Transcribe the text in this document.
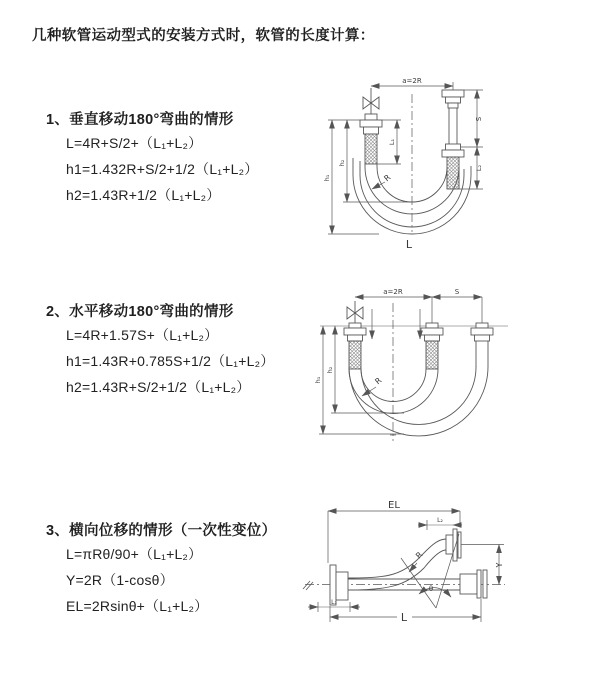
几种软管运动型式的安装方式时，软管的长度计算：
1、垂直移动180°弯曲的情形
L=4R+S/2+（L₁+L₂）
h1=1.432R+S/2+1/2（L₁+L₂）
h2=1.43R+1/2（L₁+L₂）
2、水平移动180°弯曲的情形
L=4R+1.57S+（L₁+L₂）
h1=1.43R+0.785S+1/2（L₁+L₂）
h2=1.43R+S/2+1/2（L₁+L₂）
3、横向位移的情形（一次性变位）
L=πRθ/90+（L₁+L₂）
Y=2R（1-cosθ）
EL=2Rsinθ+（L₁+L₂）
a=2R
L₁
S
L₂
h₂
h₁	R
L
a=2R	S
h₁
h₂
R
EL
L₂
Y
R
θ
L₁
L
